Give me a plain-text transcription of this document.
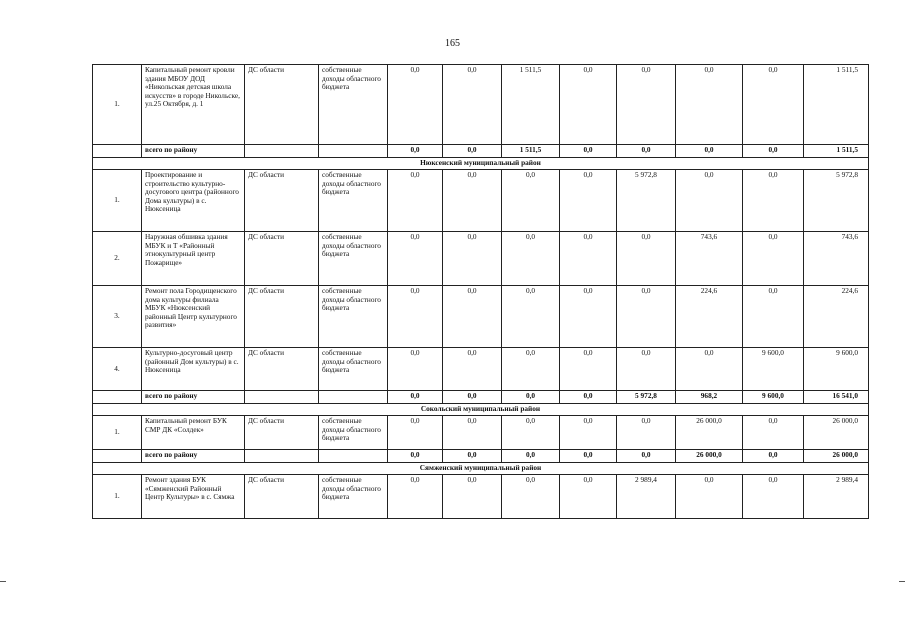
165
1.	Капитальный ремонт кровли здания МБОУ ДОД «Никольская детская школа искусств» в городе Никольске, ул.25 Октября, д. 1	ДС области	собственные доходы областного бюджета	0,0	0,0	1 511,5	0,0	0,0	0,0	0,0	1 511,5
	всего по району			0,0	0,0	1 511,5	0,0	0,0	0,0	0,0	1 511,5
Нюксенский муниципальный район											
1.	Проектирование и строительство культурно-досугового центра (районного Дома культуры) в с. Нюксеница	ДС области	собственные доходы областного бюджета	0,0	0,0	0,0	0,0	5 972,8	0,0	0,0	5 972,8
2.	Наружная обшивка здания МБУК и Т «Районный этнокультурный центр Пожарище»	ДС области	собственные доходы областного бюджета	0,0	0,0	0,0	0,0	0,0	743,6	0,0	743,6
3.	Ремонт пола Городищенского дома культуры филиала МБУК «Нюксенский районный Центр культурного развития»	ДС области	собственные доходы областного бюджета	0,0	0,0	0,0	0,0	0,0	224,6	0,0	224,6
4.	Культурно-досуговый центр (районный Дом культуры) в с. Нюксеница	ДС области	собственные доходы областного бюджета	0,0	0,0	0,0	0,0	0,0	0,0	9 600,0	9 600,0
	всего по району			0,0	0,0	0,0	0,0	5 972,8	968,2	9 600,0	16 541,0
Сокольский муниципальный район											
1.	Капитальный ремонт БУК СМР ДК «Солдек»	ДС области	собственные доходы областного бюджета	0,0	0,0	0,0	0,0	0,0	26 000,0	0,0	26 000,0
	всего по району			0,0	0,0	0,0	0,0	0,0	26 000,0	0,0	26 000,0
Сямженский муниципальный район											
1.	Ремонт здания БУК «Сямженский Районный Центр Культуры» в с. Сямжа	ДС области	собственные доходы областного бюджета	0,0	0,0	0,0	0,0	2 989,4	0,0	0,0	2 989,4
